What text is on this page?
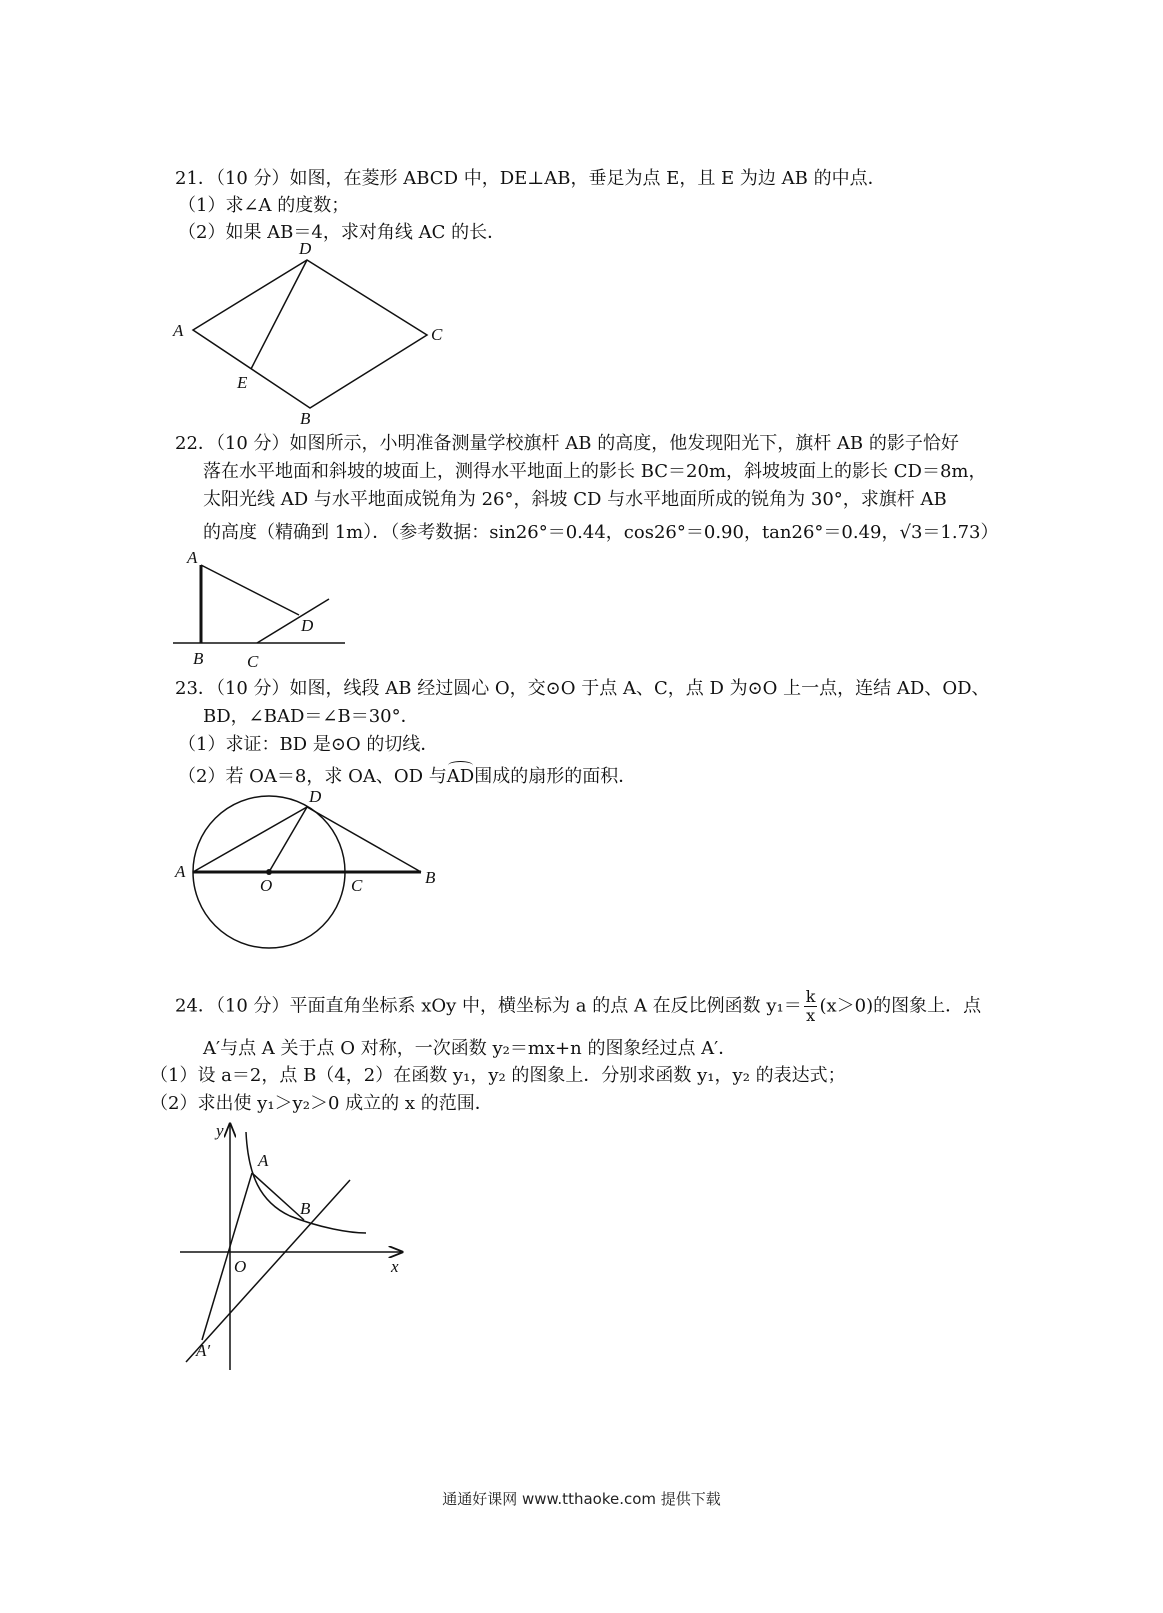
21．（10 分）如图，在菱形 ABCD 中，DE⊥AB，垂足为点 E，且 E 为边 AB 的中点．
（1）求∠A 的度数；
（2）如果 AB＝4，求对角线 AC 的长．
A
D
C
E
B
22．（10 分）如图所示，小明准备测量学校旗杆 AB 的高度，他发现阳光下，旗杆 AB 的影子恰好
落在水平地面和斜坡的坡面上，测得水平地面上的影长 BC＝20m，斜坡坡面上的影长 CD＝8m，
太阳光线 AD 与水平地面成锐角为 26°，斜坡 CD 与水平地面所成的锐角为 30°，求旗杆 AB
的高度（精确到 1m）．（参考数据：sin26°＝0.44，cos26°＝0.90，tan26°＝0.49，√3＝1.73）
A
B	C
D
23．（10 分）如图，线段 AB 经过圆心 O，交⊙O 于点 A、C，点 D 为⊙O 上一点，连结 AD、OD、
BD，∠BAD＝∠B＝30°．
（1）求证：BD 是⊙O 的切线．
（2）若 OA＝8，求 OA、OD 与AD围成的扇形的面积．
A
O	C	B
D
24．（10 分）平面直角坐标系 xOy 中，横坐标为 a 的点 A 在反比例函数 $y_1= \frac{k}{x} (x>0)$的图象上．点
A′与点 A 关于点 O 对称，一次函数 y₂＝mx+n 的图象经过点 A′．
（1）设 a＝2，点 B（4，2）在函数 y₁，y₂ 的图象上．分别求函数 y₁，y₂ 的表达式；
（2）求出使 y₁＞y₂＞0 成立的 x 的范围．
y
x
A
B
O
A′
通通好课网 www.tthaoke.com 提供下载
